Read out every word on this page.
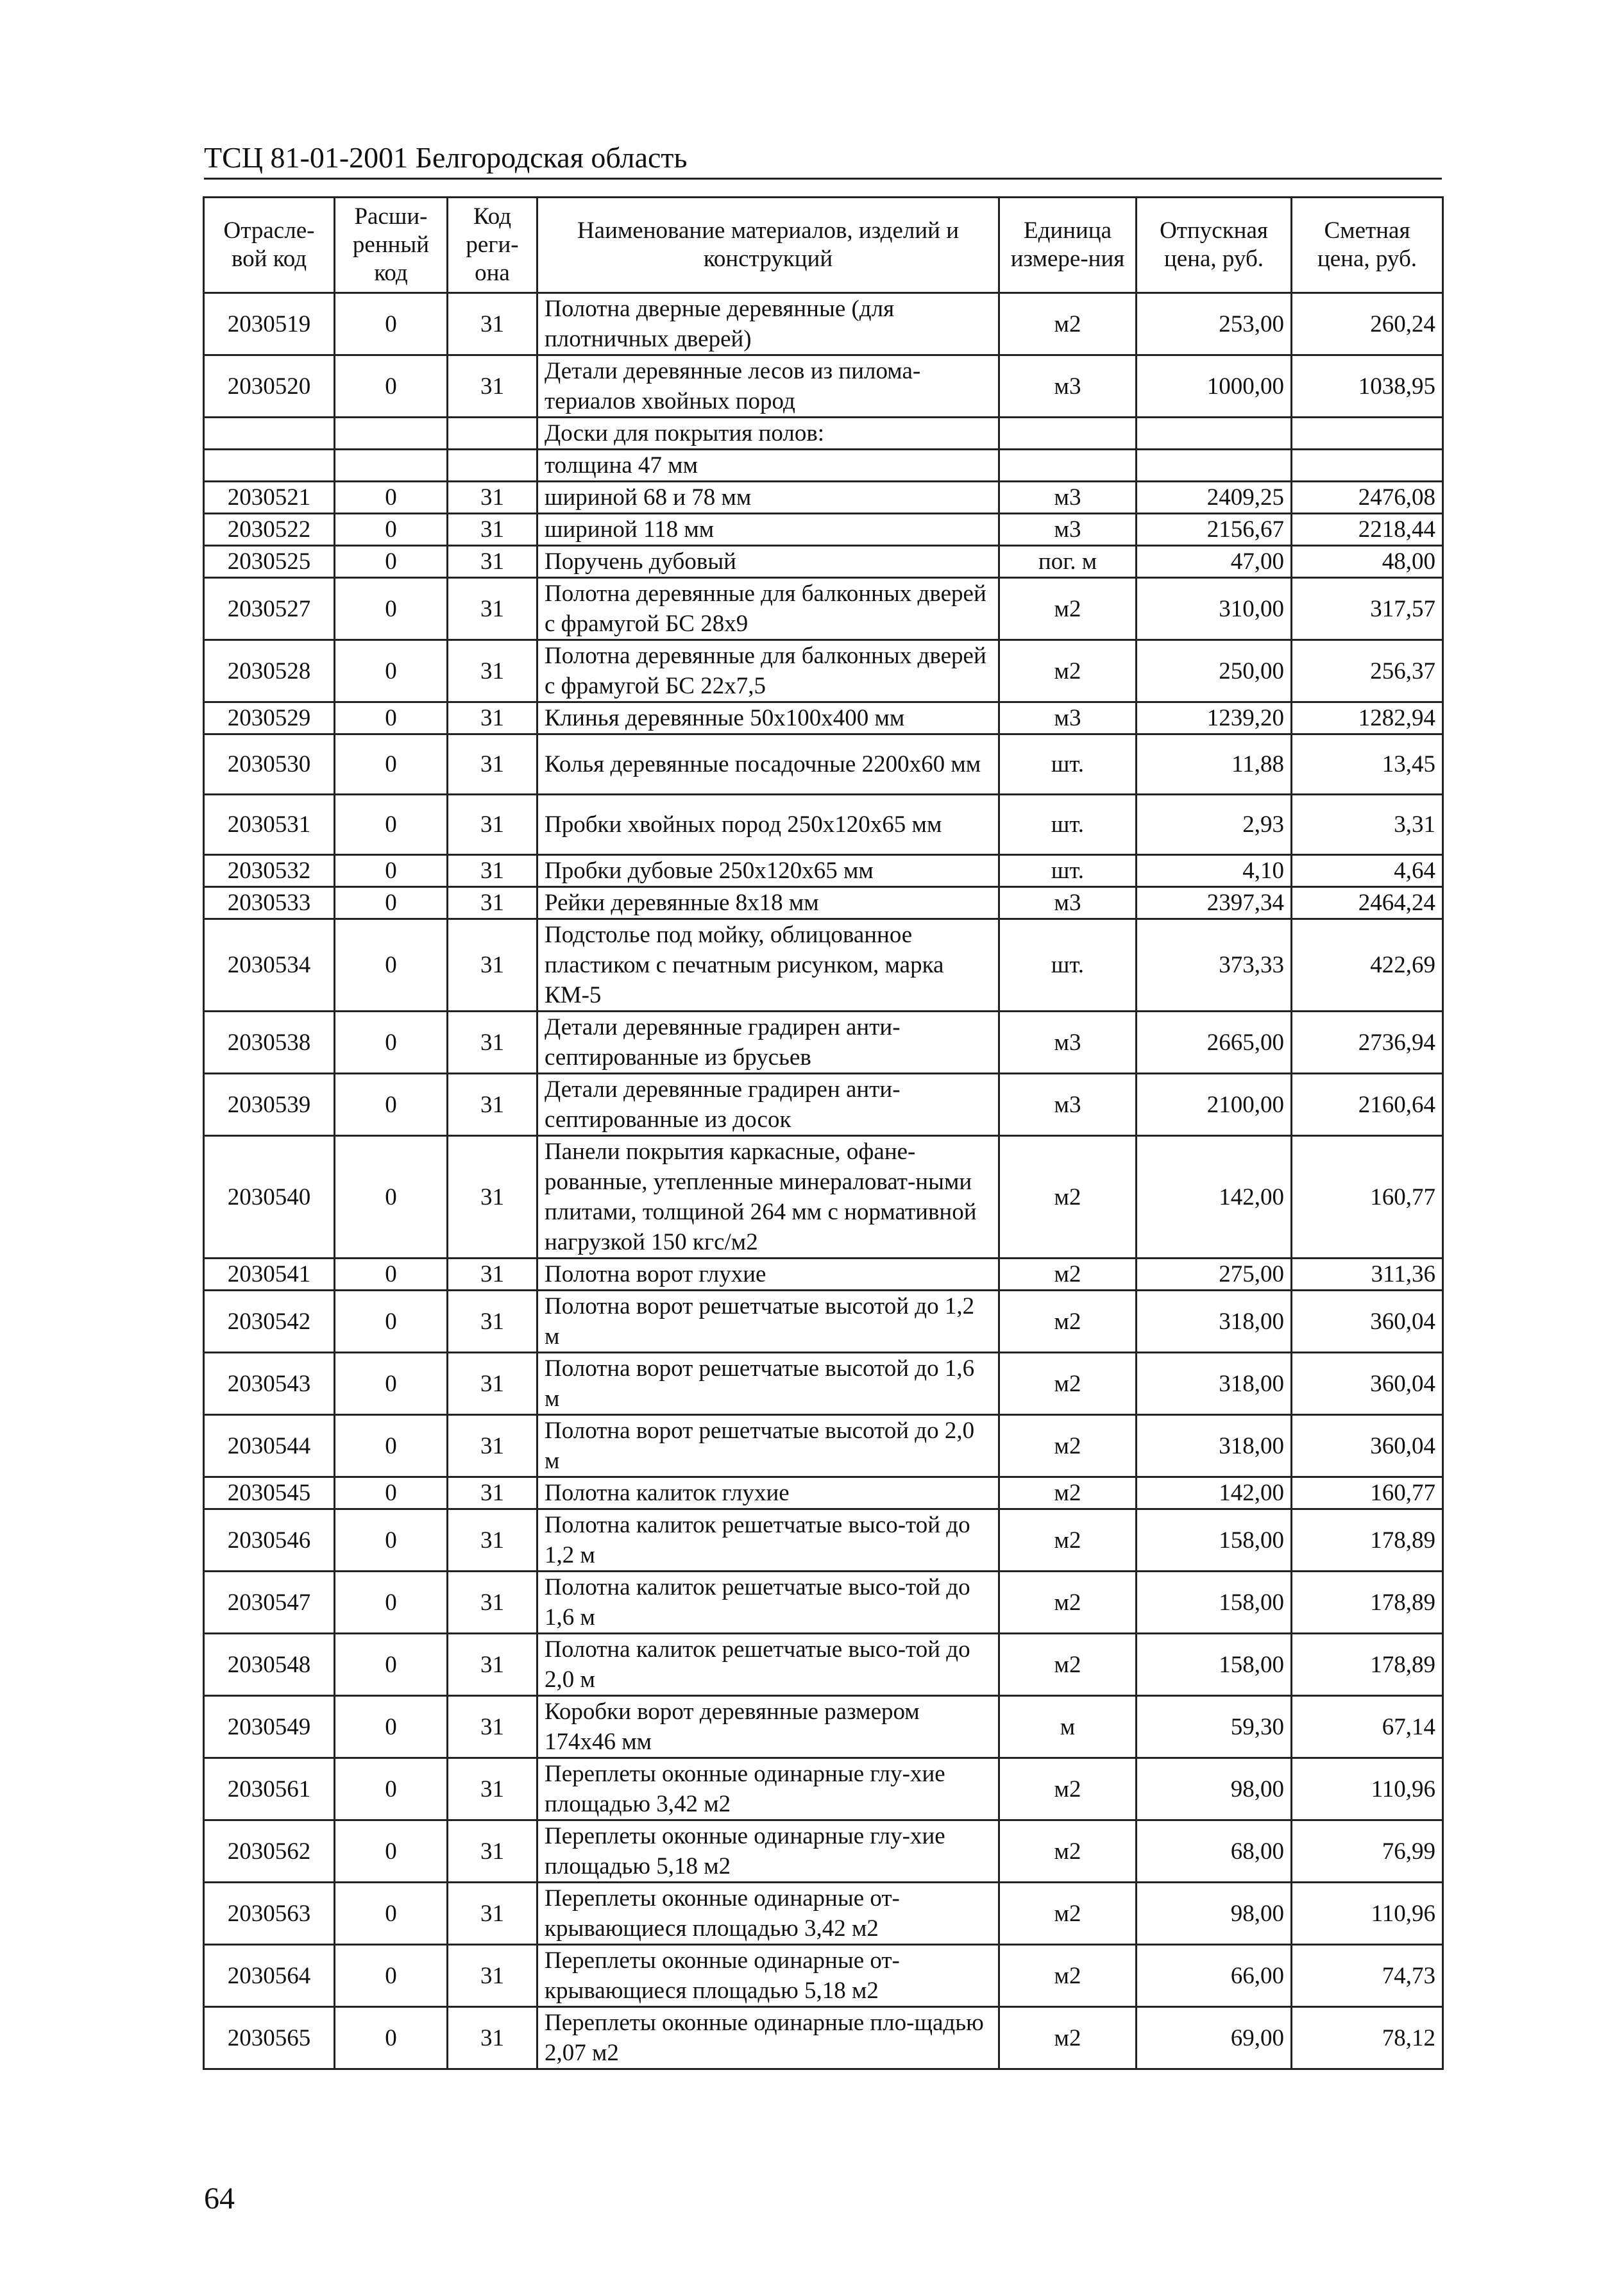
ТСЦ 81-01-2001 Белгородская область
Отрасле-вой код	Расши-ренный код	Код реги-она	Наименование материалов, изделий и конструкций	Единица измере-ния	Отпускная цена, руб.	Сметная цена, руб.
2030519	0	31	Полотна дверные деревянные (для плотничных дверей)	м2	253,00	260,24
2030520	0	31	Детали деревянные лесов из пилома-териалов хвойных пород	м3	1000,00	1038,95
			Доски для покрытия полов:			
			толщина 47 мм			
2030521	0	31	шириной 68 и 78 мм	м3	2409,25	2476,08
2030522	0	31	шириной 118 мм	м3	2156,67	2218,44
2030525	0	31	Поручень дубовый	пог. м	47,00	48,00
2030527	0	31	Полотна деревянные для балконных дверей с фрамугой БС 28х9	м2	310,00	317,57
2030528	0	31	Полотна деревянные для балконных дверей с фрамугой БС 22х7,5	м2	250,00	256,37
2030529	0	31	Клинья деревянные 50х100х400 мм	м3	1239,20	1282,94
2030530	0	31	Колья деревянные посадочные 2200х60 мм	шт.	11,88	13,45
2030531	0	31	Пробки хвойных пород 250х120х65 мм	шт.	2,93	3,31
2030532	0	31	Пробки дубовые 250х120х65 мм	шт.	4,10	4,64
2030533	0	31	Рейки деревянные 8х18 мм	м3	2397,34	2464,24
2030534	0	31	Подстолье под мойку, облицованное пластиком с печатным рисунком, марка КМ-5	шт.	373,33	422,69
2030538	0	31	Детали деревянные градирен анти-септированные из брусьев	м3	2665,00	2736,94
2030539	0	31	Детали деревянные градирен анти-септированные из досок	м3	2100,00	2160,64
2030540	0	31	Панели покрытия каркасные, офане-рованные, утепленные минераловат-ными плитами, толщиной 264 мм с нормативной нагрузкой 150 кгс/м2	м2	142,00	160,77
2030541	0	31	Полотна ворот глухие	м2	275,00	311,36
2030542	0	31	Полотна ворот решетчатые высотой до 1,2 м	м2	318,00	360,04
2030543	0	31	Полотна ворот решетчатые высотой до 1,6 м	м2	318,00	360,04
2030544	0	31	Полотна ворот решетчатые высотой до 2,0 м	м2	318,00	360,04
2030545	0	31	Полотна калиток глухие	м2	142,00	160,77
2030546	0	31	Полотна калиток решетчатые высо-той до 1,2 м	м2	158,00	178,89
2030547	0	31	Полотна калиток решетчатые высо-той до 1,6 м	м2	158,00	178,89
2030548	0	31	Полотна калиток решетчатые высо-той до 2,0 м	м2	158,00	178,89
2030549	0	31	Коробки ворот деревянные размером 174х46 мм	м	59,30	67,14
2030561	0	31	Переплеты оконные одинарные глу-хие площадью 3,42 м2	м2	98,00	110,96
2030562	0	31	Переплеты оконные одинарные глу-хие площадью 5,18 м2	м2	68,00	76,99
2030563	0	31	Переплеты оконные одинарные от-крывающиеся площадью 3,42 м2	м2	98,00	110,96
2030564	0	31	Переплеты оконные одинарные от-крывающиеся площадью 5,18 м2	м2	66,00	74,73
2030565	0	31	Переплеты оконные одинарные пло-щадью 2,07 м2	м2	69,00	78,12
64
